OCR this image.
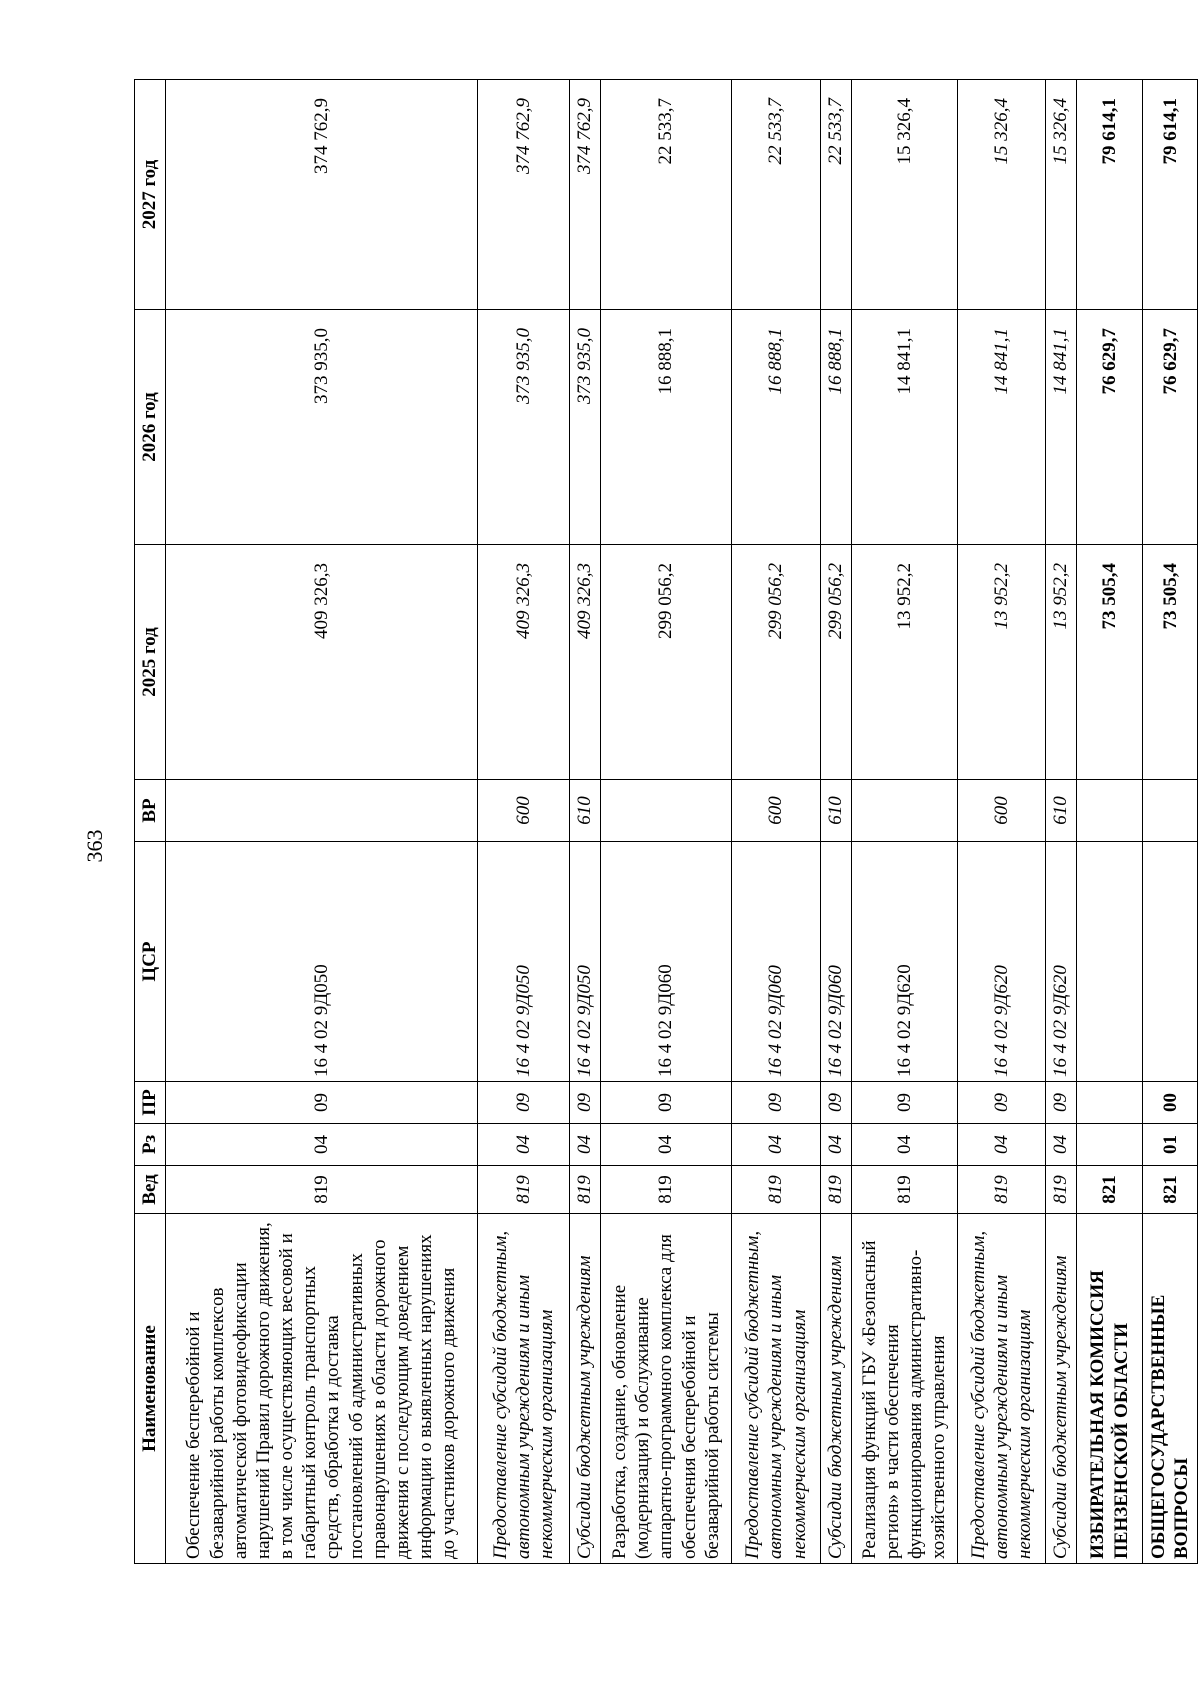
363
Наименование	Вед	Рз	ПР	ЦСР	ВР	2025 год	2026 год	2027 год
Обеспечение бесперебойной и безаварийной работы комплексов автоматической фотовидеофиксации нарушений Правил дорожного движения, в том числе осуществляющих весовой и габаритный контроль транспортных средств, обработка и доставка постановлений об административных правонарушениях в области дорожного движения с последующим доведением информации о выявленных нарушениях до участников дорожного движения	819	04	09	16 4 02 9Д050		409 326,3	373 935,0	374 762,9
Предоставление субсидий бюджетным, автономным учреждениям и иным некоммерческим организациям	819	04	09	16 4 02 9Д050	600	409 326,3	373 935,0	374 762,9
Субсидии бюджетным учреждениям	819	04	09	16 4 02 9Д050	610	409 326,3	373 935,0	374 762,9
Разработка, создание, обновление (модернизация) и обслуживание аппаратно-программного комплекса для обеспечения бесперебойной и безаварийной работы системы	819	04	09	16 4 02 9Д060		299 056,2	16 888,1	22 533,7
Предоставление субсидий бюджетным, автономным учреждениям и иным некоммерческим организациям	819	04	09	16 4 02 9Д060	600	299 056,2	16 888,1	22 533,7
Субсидии бюджетным учреждениям	819	04	09	16 4 02 9Д060	610	299 056,2	16 888,1	22 533,7
Реализация функций ГБУ «Безопасный регион» в части обеспечения функционирования административно-хозяйственного управления	819	04	09	16 4 02 9Д620		13 952,2	14 841,1	15 326,4
Предоставление субсидий бюджетным, автономным учреждениям и иным некоммерческим организациям	819	04	09	16 4 02 9Д620	600	13 952,2	14 841,1	15 326,4
Субсидии бюджетным учреждениям	819	04	09	16 4 02 9Д620	610	13 952,2	14 841,1	15 326,4
ИЗБИРАТЕЛЬНАЯ КОМИССИЯ ПЕНЗЕНСКОЙ ОБЛАСТИ	821					73 505,4	76 629,7	79 614,1
ОБЩЕГОСУДАРСТВЕННЫЕ ВОПРОСЫ	821	01	00			73 505,4	76 629,7	79 614,1
